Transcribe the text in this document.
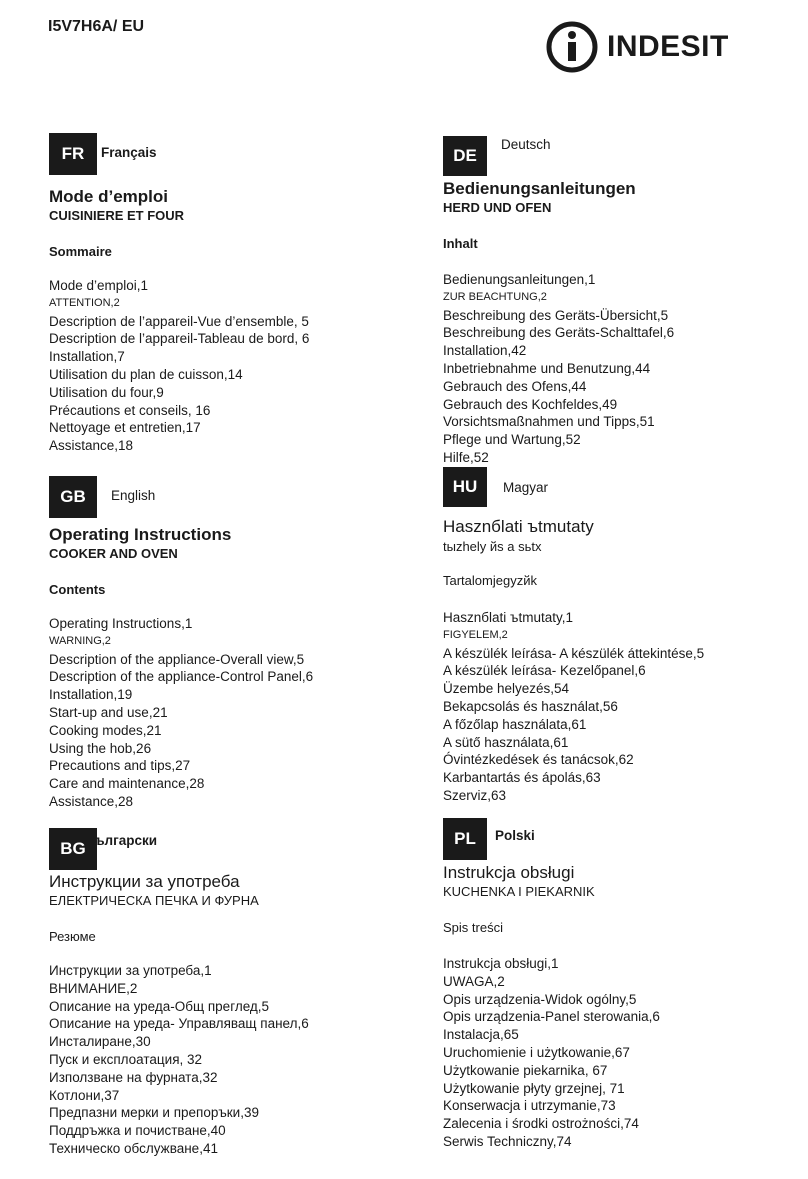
I5V7H6A/ EU
INDESIT
FR	Français
Mode d’emploi
CUISINIERE ET FOUR
Sommaire
Mode d’emploi,1
ATTENTION,2
Description de l’appareil-Vue d’ensemble, 5
Description de l’appareil-Tableau de bord, 6
Installation,7
Utilisation du plan de cuisson,14
Utilisation du four,9
Précautions et conseils, 16
Nettoyage et entretien,17
Assistance,18
GB	English
Operating Instructions
COOKER AND OVEN
Contents
Operating Instructions,1
WARNING,2
Description of the appliance-Overall view,5
Description of the appliance-Control Panel,6
Installation,19
Start-up and use,21
Cooking modes,21
Using the hob,26
Precautions and tips,27
Care and maintenance,28
Assistance,28
BG Български
Инструкции за употреба
ЕЛЕКТРИЧЕСКА ПЕЧКА И ФУРНА
Резюме
Инструкции за употреба,1
ВНИМАНИЕ,2
Описание на уреда-Общ преглед,5
Описание на уреда- Управляващ панел,6
Инсталиране,30
Пуск и експлоатация, 32
Използване на фурната,32
Котлони,37
Предпазни мерки и препоръки,39
Поддръжка и почистване,40
Техническо обслужване,41
DE
Deutsch
Bedienungsanleitungen
HERD UND OFEN
Inhalt
Bedienungsanleitungen,1
ZUR BEACHTUNG,2
Beschreibung des Geräts-Übersicht,5
Beschreibung des Geräts-Schalttafel,6
Installation,42
Inbetriebnahme und Benutzung,44
Gebrauch des Ofens,44
Gebrauch des Kochfeldes,49
Vorsichtsmaßnahmen und Tipps,51
Pflege und Wartung,52
Hilfe,52
HU	Magyar
Hasznбlati ъtmutaty
tыzhely йs a sьtх
Tartalomjegyzйk
Hasznбlati ъtmutaty,1
FIGYELEM,2
A készülék leírása- A készülék áttekintése,5
A készülék leírása- Kezelőpanel,6
Üzembe helyezés,54
Bekapcsolás és használat,56
A főzőlap használata,61
A sütő használata,61
Óvintézkedések és tanácsok,62
Karbantartás és ápolás,63
Szerviz,63
PL	Polski
Instrukcja obsługi
KUCHENKA I PIEKARNIK
Spis treści
Instrukcja obsługi,1
UWAGA,2
Opis urządzenia-Widok ogólny,5
Opis urządzenia-Panel sterowania,6
Instalacja,65
Uruchomienie i użytkowanie,67
Użytkowanie piekarnika, 67
Użytkowanie płyty grzejnej, 71
Konserwacja i utrzymanie,73
Zalecenia i środki ostrożności,74
Serwis Techniczny,74
